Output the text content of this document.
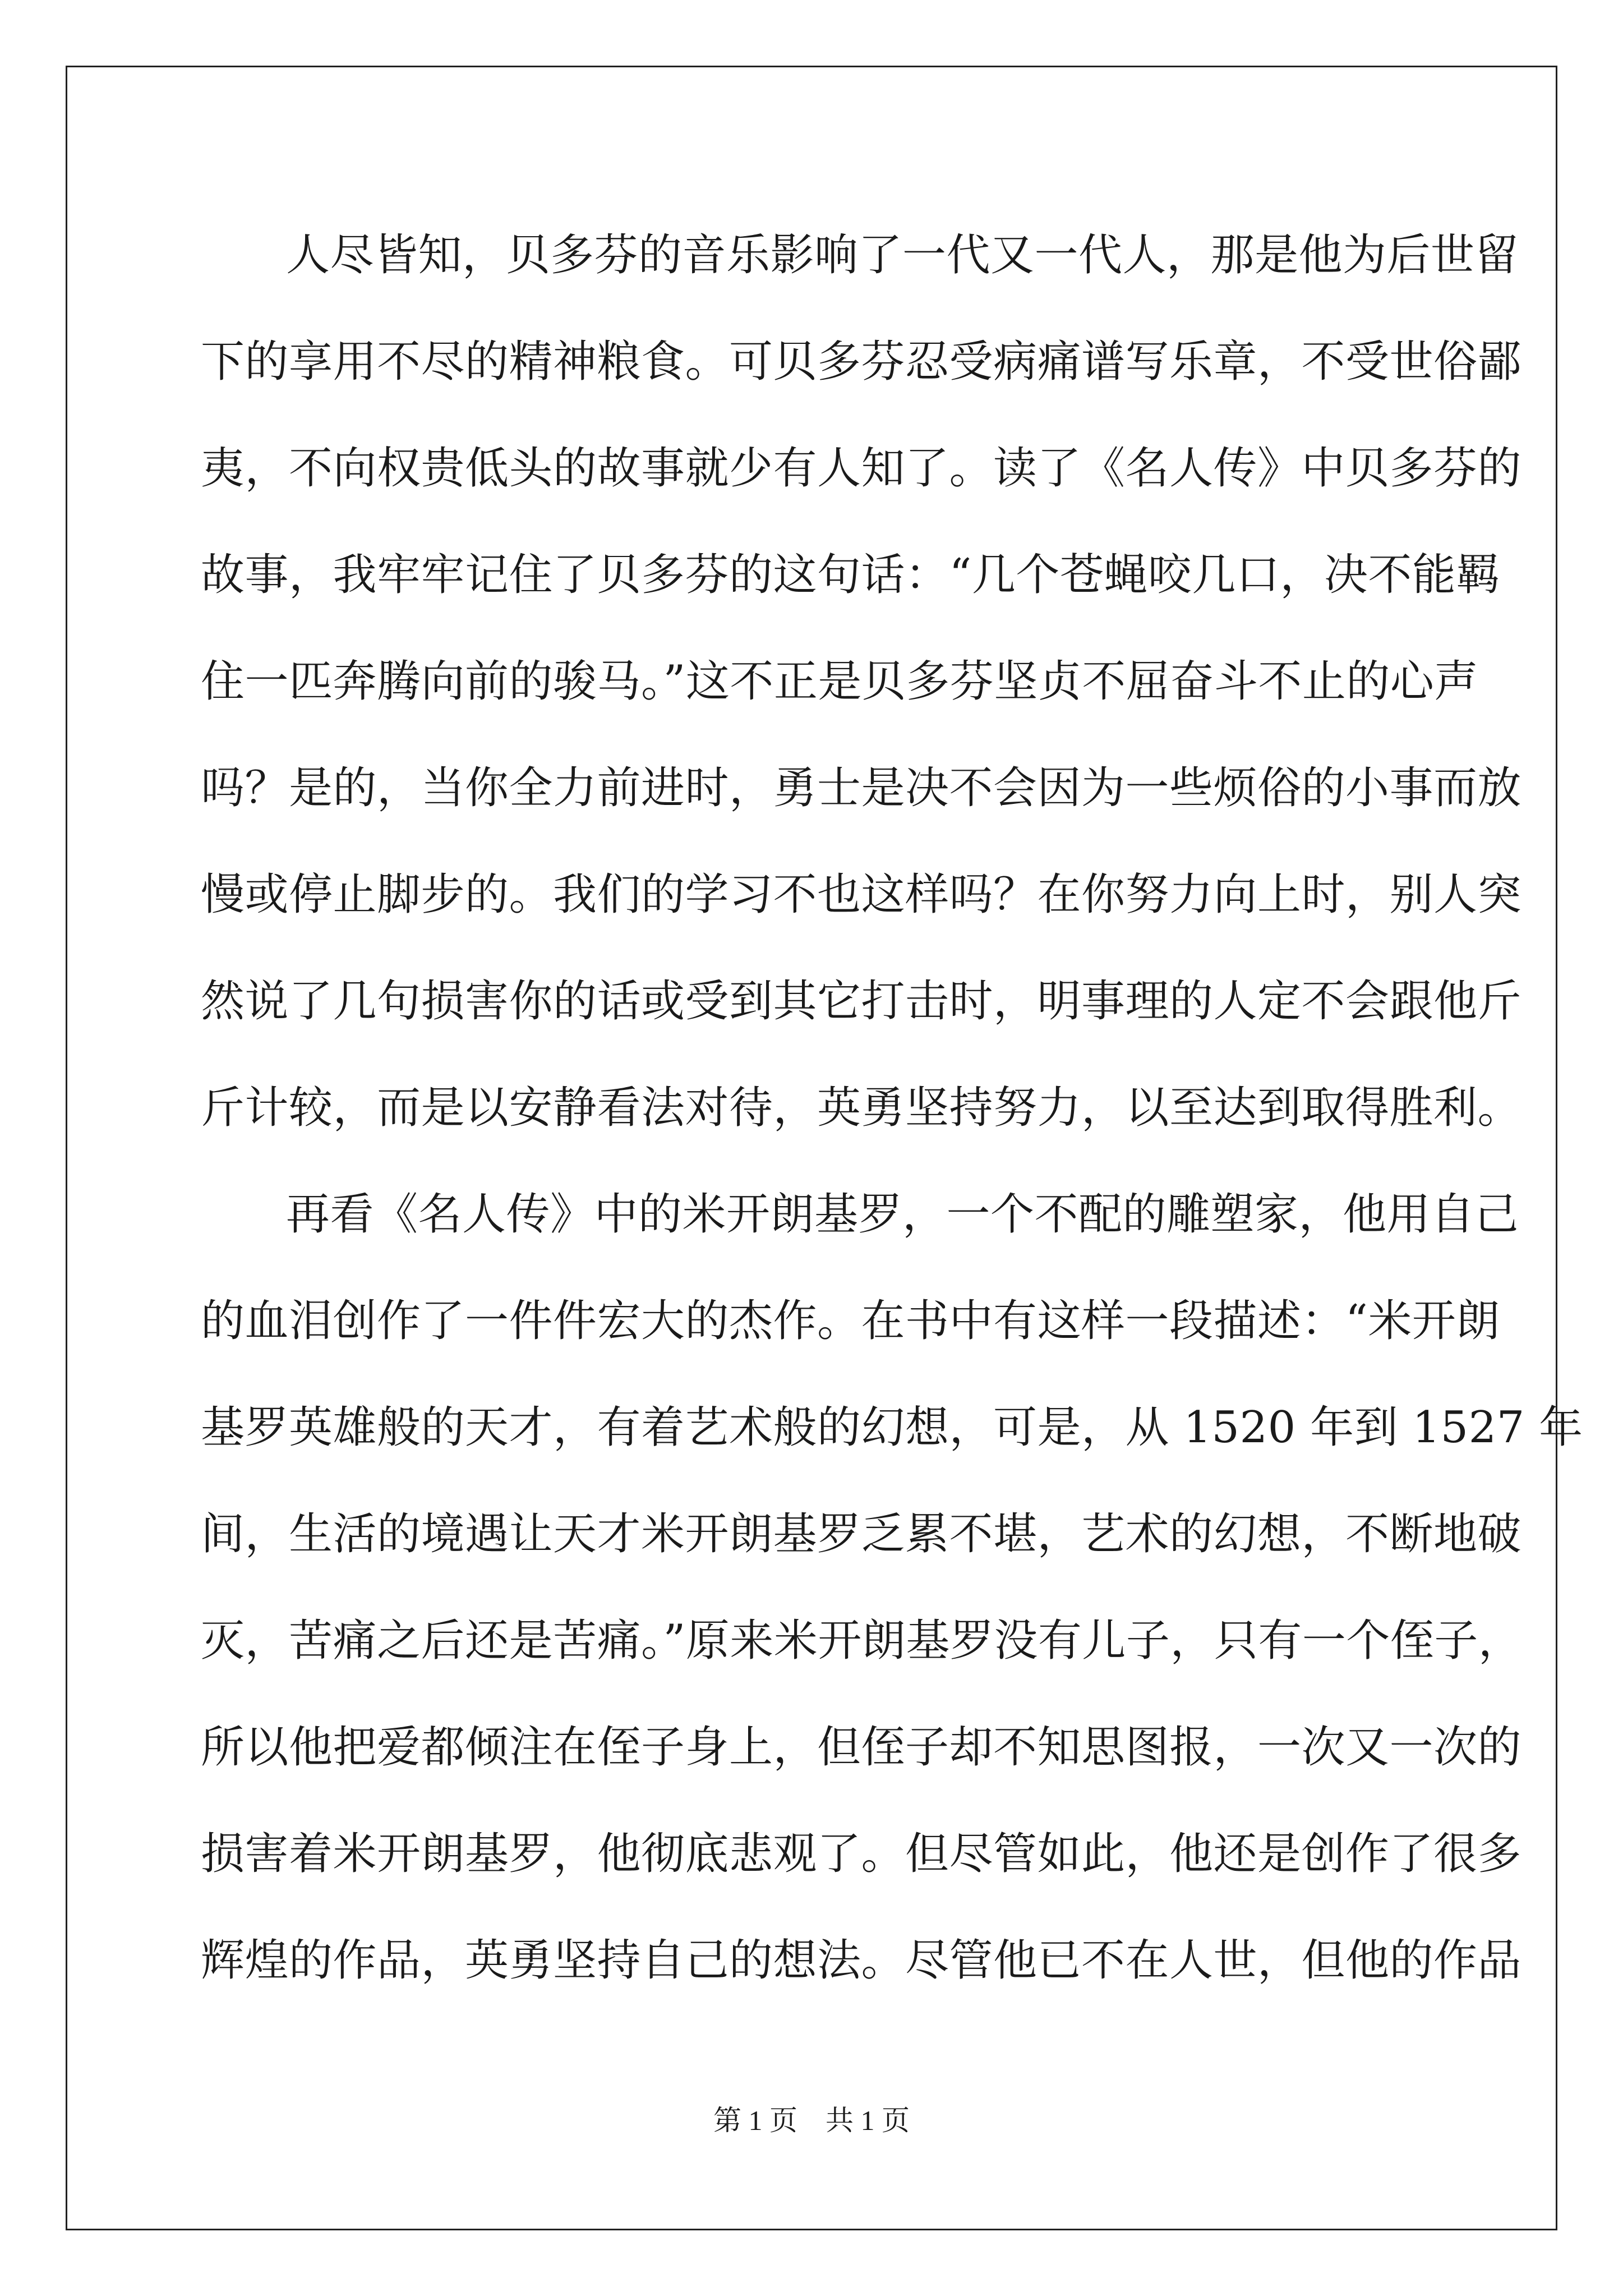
人尽皆知，贝多芬的音乐影响了一代又一代人，那是他为后世留
下的享用不尽的精神粮食。可贝多芬忍受病痛谱写乐章，不受世俗鄙
夷，不向权贵低头的故事就少有人知了。读了《名人传》中贝多芬的
故事，我牢牢记住了贝多芬的这句话：“几个苍蝇咬几口，决不能羁
住一匹奔腾向前的骏马。”这不正是贝多芬坚贞不屈奋斗不止的心声
吗？是的，当你全力前进时，勇士是决不会因为一些烦俗的小事而放
慢或停止脚步的。我们的学习不也这样吗？在你努力向上时，别人突
然说了几句损害你的话或受到其它打击时，明事理的人定不会跟他斤
斤计较，而是以安静看法对待，英勇坚持努力，以至达到取得胜利。
再看《名人传》中的米开朗基罗，一个不配的雕塑家，他用自己
的血泪创作了一件件宏大的杰作。在书中有这样一段描述：“米开朗
基罗英雄般的天才，有着艺术般的幻想，可是，从 1520 年到 1527 年
间，生活的境遇让天才米开朗基罗乏累不堪，艺术的幻想，不断地破
灭，苦痛之后还是苦痛。”原来米开朗基罗没有儿子，只有一个侄子，
所以他把爱都倾注在侄子身上，但侄子却不知思图报，一次又一次的
损害着米开朗基罗，他彻底悲观了。但尽管如此，他还是创作了很多
辉煌的作品，英勇坚持自己的想法。尽管他已不在人世，但他的作品
第 1 页　共 1 页
